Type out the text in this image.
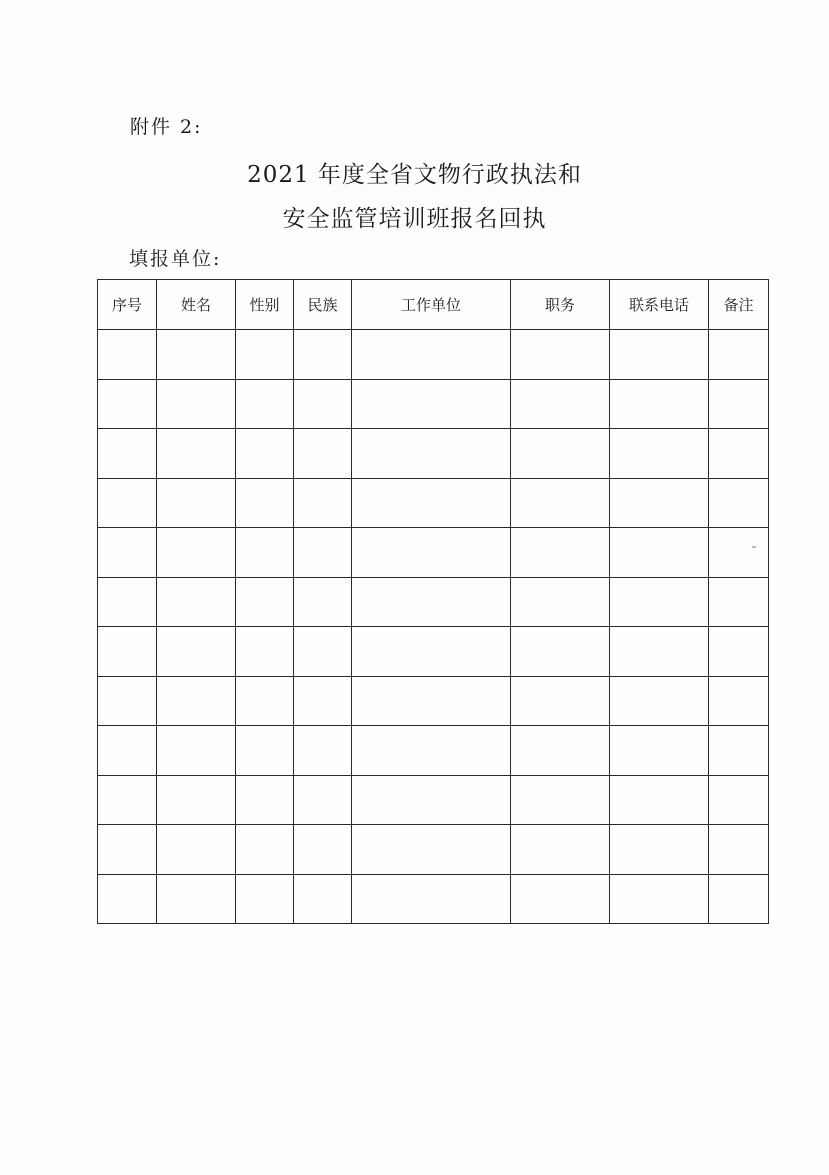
附件 2:
2021 年度全省文物行政执法和
安全监管培训班报名回执
填报单位:
序号	姓名	性别	民族	工作单位	职务	联系电话	备注
